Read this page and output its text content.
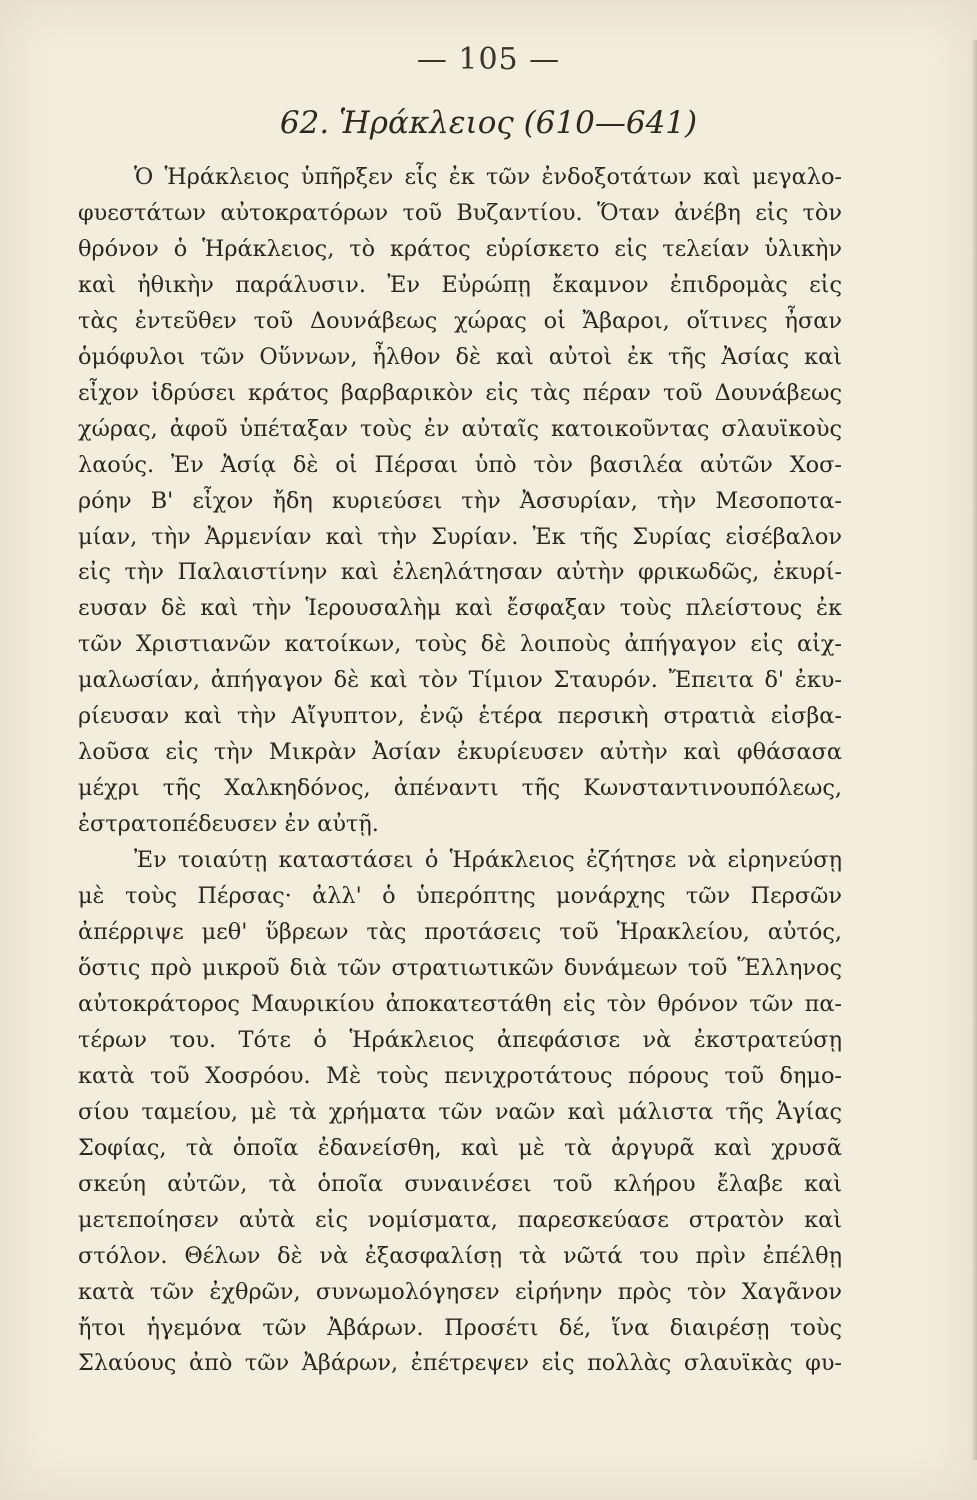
— 105 —
62. Ἡράκλειος (610—641)
Ὁ Ἡράκλειος ὑπῆρξεν εἷς ἐκ τῶν ἐνδοξοτάτων καὶ μεγαλο-
φυεστάτων αὐτοκρατόρων τοῦ Βυζαντίου. Ὅταν ἀνέβη εἰς τὸν
θρόνον ὁ Ἡράκλειος, τὸ κράτος εὑρίσκετο εἰς τελείαν ὑλικὴν
καὶ ἠθικὴν παράλυσιν. Ἐν Εὐρώπῃ ἔκαμνον ἐπιδρομὰς εἰς
τὰς ἐντεῦθεν τοῦ Δουνάβεως χώρας οἱ Ἄβαροι, οἵτινες ἦσαν
ὁμόφυλοι τῶν Οὕννων, ἦλθον δὲ καὶ αὐτοὶ ἐκ τῆς Ἀσίας καὶ
εἶχον ἱδρύσει κράτος βαρβαρικὸν εἰς τὰς πέραν τοῦ Δουνάβεως
χώρας, ἀφοῦ ὑπέταξαν τοὺς ἐν αὐταῖς κατοικοῦντας σλαυϊκοὺς
λαούς. Ἐν Ἀσίᾳ δὲ οἱ Πέρσαι ὑπὸ τὸν βασιλέα αὐτῶν Χοσ-
ρόην Β' εἶχον ἤδη κυριεύσει τὴν Ἀσσυρίαν, τὴν Μεσοποτα-
μίαν, τὴν Ἀρμενίαν καὶ τὴν Συρίαν. Ἐκ τῆς Συρίας εἰσέβαλον
εἰς τὴν Παλαιστίνην καὶ ἐλεηλάτησαν αὐτὴν φρικωδῶς, ἐκυρί-
ευσαν δὲ καὶ τὴν Ἱερουσαλὴμ καὶ ἔσφαξαν τοὺς πλείστους ἐκ
τῶν Χριστιανῶν κατοίκων, τοὺς δὲ λοιποὺς ἀπήγαγον εἰς αἰχ-
μαλωσίαν, ἀπήγαγον δὲ καὶ τὸν Τίμιον Σταυρόν. Ἔπειτα δ' ἐκυ-
ρίευσαν καὶ τὴν Αἴγυπτον, ἐνῷ ἑτέρα περσικὴ στρατιὰ εἰσβα-
λοῦσα εἰς τὴν Μικρὰν Ἀσίαν ἐκυρίευσεν αὐτὴν καὶ φθάσασα
μέχρι τῆς Χαλκηδόνος, ἀπέναντι τῆς Κωνσταντινουπόλεως,
ἐστρατοπέδευσεν ἐν αὐτῇ.
Ἐν τοιαύτῃ καταστάσει ὁ Ἡράκλειος ἐζήτησε νὰ εἰρηνεύσῃ
μὲ τοὺς Πέρσας· ἀλλ' ὁ ὑπερόπτης μονάρχης τῶν Περσῶν
ἀπέρριψε μεθ' ὕβρεων τὰς προτάσεις τοῦ Ἡρακλείου, αὐτός,
ὅστις πρὸ μικροῦ διὰ τῶν στρατιωτικῶν δυνάμεων τοῦ Ἕλληνος
αὐτοκράτορος Μαυρικίου ἀποκατεστάθη εἰς τὸν θρόνον τῶν πα-
τέρων του. Τότε ὁ Ἡράκλειος ἀπεφάσισε νὰ ἐκστρατεύσῃ
κατὰ τοῦ Χοσρόου. Μὲ τοὺς πενιχροτάτους πόρους τοῦ δημο-
σίου ταμείου, μὲ τὰ χρήματα τῶν ναῶν καὶ μάλιστα τῆς Ἁγίας
Σοφίας, τὰ ὁποῖα ἐδανείσθη, καὶ μὲ τὰ ἀργυρᾶ καὶ χρυσᾶ
σκεύη αὐτῶν, τὰ ὁποῖα συναινέσει τοῦ κλήρου ἔλαβε καὶ
μετεποίησεν αὐτὰ εἰς νομίσματα, παρεσκεύασε στρατὸν καὶ
στόλον. Θέλων δὲ νὰ ἐξασφαλίσῃ τὰ νῶτά του πρὶν ἐπέλθῃ
κατὰ τῶν ἐχθρῶν, συνωμολόγησεν εἰρήνην πρὸς τὸν Χαγᾶνον
ἤτοι ἡγεμόνα τῶν Ἀβάρων. Προσέτι δέ, ἵνα διαιρέσῃ τοὺς
Σλαύους ἀπὸ τῶν Ἀβάρων, ἐπέτρεψεν εἰς πολλὰς σλαυϊκὰς φυ-
